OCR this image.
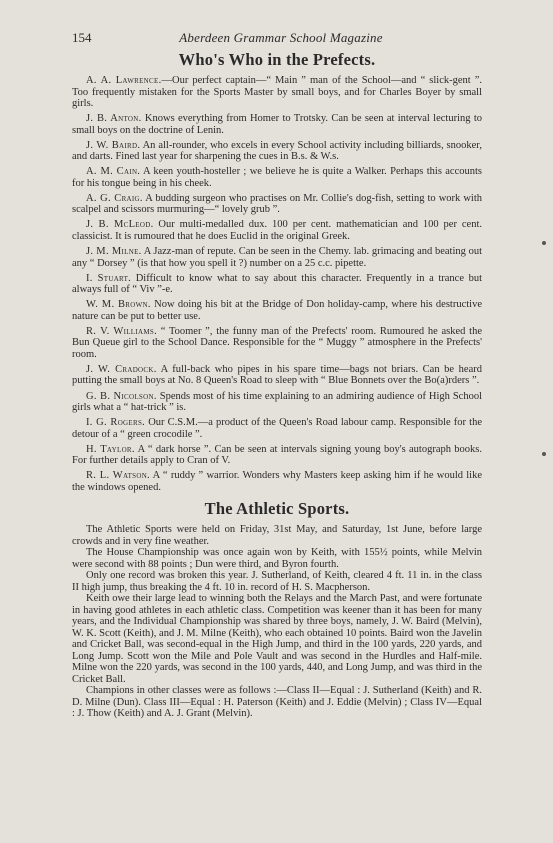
154	Aberdeen Grammar School Magazine
Who's Who in the Prefects.

A. A. Lawrence.—Our perfect captain—“ Main ” man of the School—and “ slick-gent ”. Too frequently mistaken for the Sports Master by small boys, and for Charles Boyer by small girls.

J. B. Anton. Knows everything from Homer to Trotsky. Can be seen at interval lecturing to small boys on the doctrine of Lenin.

J. W. Baird. An all-rounder, who excels in every School activity including billiards, snooker, and darts. Fined last year for sharpening the cues in B.s. & W.s.

A. M. Cain. A keen youth-hosteller ; we believe he is quite a Walker. Perhaps this accounts for his tongue being in his cheek.

A. G. Craig. A budding surgeon who practises on Mr. Collie's dog-fish, setting to work with scalpel and scissors murmuring—“ lovely grub ”.

J. B. McLeod. Our multi-medalled dux. 100 per cent. mathematician and 100 per cent. classicist. It is rumoured that he does Euclid in the original Greek.

J. M. Milne. A Jazz-man of repute. Can be seen in the Chemy. lab. grimacing and beating out any “ Dorsey ” (is that how you spell it ?) number on a 25 c.c. pipette.

I. Stuart. Difficult to know what to say about this character. Frequently in a trance but always full of “ Viv ”-e.

W. M. Brown. Now doing his bit at the Bridge of Don holiday-camp, where his destructive nature can be put to better use.

R. V. Williams. “ Toomer ”, the funny man of the Prefects' room. Rumoured he asked the Bun Queue girl to the School Dance. Responsible for the “ Muggy ” atmosphere in the Prefects' room.

J. W. Cradock. A full-back who pipes in his spare time—bags not briars. Can be heard putting the small boys at No. 8 Queen's Road to sleep with “ Blue Bonnets over the Bo(a)rders ”.

G. B. Nicolson. Spends most of his time explaining to an admiring audience of High School girls what a “ hat-trick ” is.

I. G. Rogers. Our C.S.M.—a product of the Queen's Road labour camp. Responsible for the detour of a “ green crocodile ”.

H. Taylor. A “ dark horse ”. Can be seen at intervals signing young boy's autograph books. For further details apply to Cran of V.

R. L. Watson. A “ ruddy ” warrior. Wonders why Masters keep asking him if he would like the windows opened.

The Athletic Sports.

The Athletic Sports were held on Friday, 31st May, and Saturday, 1st June, before large crowds and in very fine weather.

The House Championship was once again won by Keith, with 155½ points, while Melvin were second with 88 points ; Dun were third, and Byron fourth.

Only one record was broken this year. J. Sutherland, of Keith, cleared 4 ft. 11 in. in the class II high jump, thus breaking the 4 ft. 10 in. record of H. S. Macpherson.

Keith owe their large lead to winning both the Relays and the March Past, and were fortunate in having good athletes in each athletic class. Competition was keener than it has been for many years, and the Individual Championship was shared by three boys, namely, J. W. Baird (Melvin), W. K. Scott (Keith), and J. M. Milne (Keith), who each obtained 10 points. Baird won the Javelin and Cricket Ball, was second-equal in the High Jump, and third in the 100 yards, 220 yards, and Long Jump. Scott won the Mile and Pole Vault and was second in the Hurdles and Half-mile. Milne won the 220 yards, was second in the 100 yards, 440, and Long Jump, and was third in the Cricket Ball.

Champions in other classes were as follows :—Class II—Equal : J. Sutherland (Keith) and R. D. Milne (Dun). Class III—Equal : H. Paterson (Keith) and J. Eddie (Melvin) ; Class IV—Equal : J. Thow (Keith) and A. J. Grant (Melvin).
